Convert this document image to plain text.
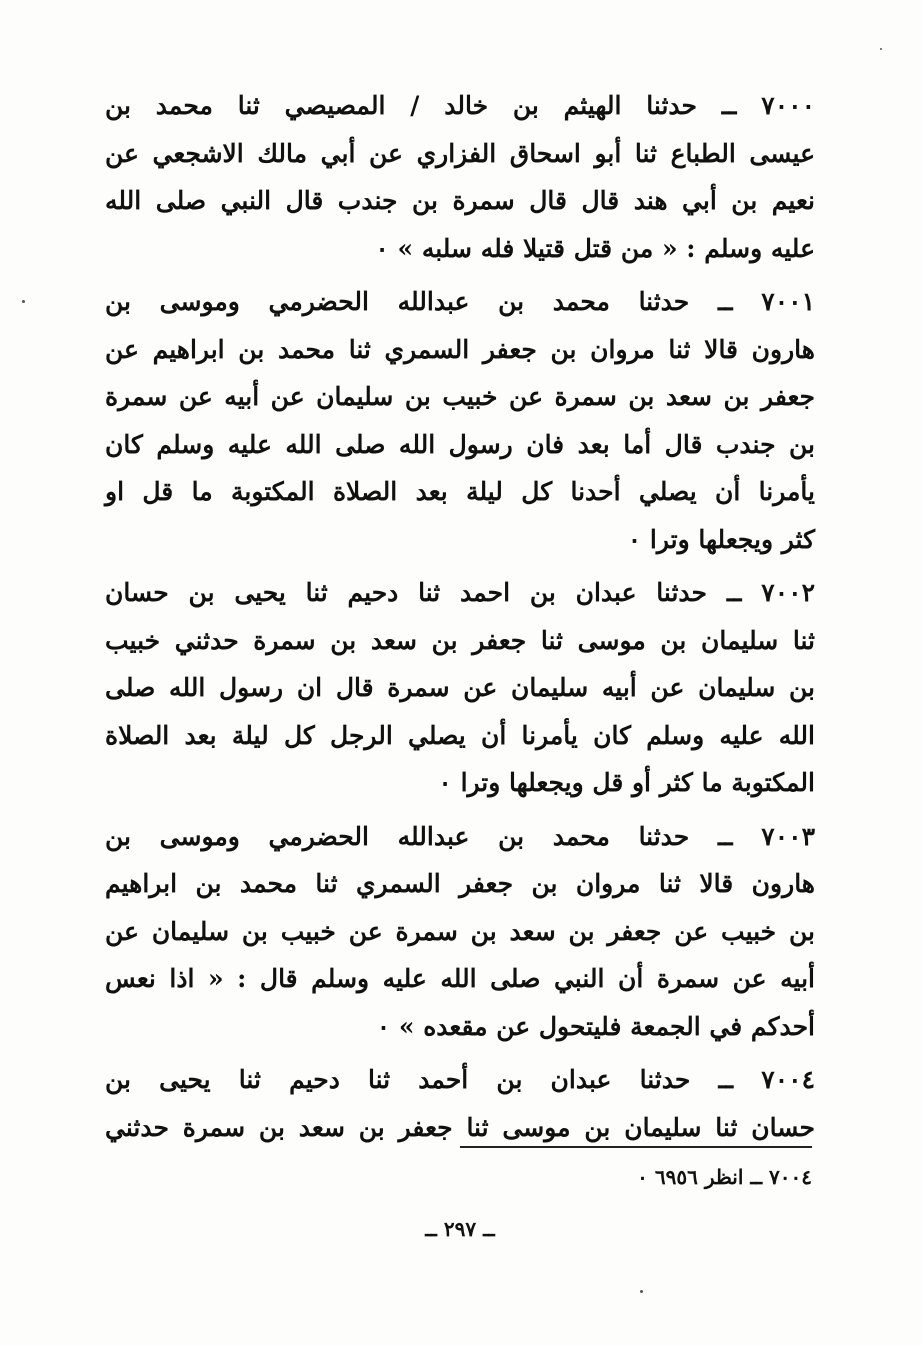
٧٠٠٠ ــ حدثنا الهيثم بن خالد / المصيصي ثنا محمد بن
عيسى الطباع ثنا أبو اسحاق الفزاري عن أبي مالك الاشجعي عن
نعيم بن أبي هند قال قال سمرة بن جندب قال النبي صلى الله
عليه وسلم : « من قتل قتيلا فله سلبه » ٠

٧٠٠١ ــ حدثنا محمد بن عبدالله الحضرمي وموسى بن
هارون قالا ثنا مروان بن جعفر السمري ثنا محمد بن ابراهيم عن
جعفر بن سعد بن سمرة عن خبيب بن سليمان عن أبيه عن سمرة
بن جندب قال أما بعد فان رسول الله صلى الله عليه وسلم كان
يأمرنا أن يصلي أحدنا كل ليلة بعد الصلاة المكتوبة ما قل او
كثر ويجعلها وترا ٠

٧٠٠٢ ــ حدثنا عبدان بن احمد ثنا دحيم ثنا يحيى بن حسان
ثنا سليمان بن موسى ثنا جعفر بن سعد بن سمرة حدثني خبيب
بن سليمان عن أبيه سليمان عن سمرة قال ان رسول الله صلى
الله عليه وسلم كان يأمرنا أن يصلي الرجل كل ليلة بعد الصلاة
المكتوبة ما كثر أو قل ويجعلها وترا ٠

٧٠٠٣ ــ حدثنا محمد بن عبدالله الحضرمي وموسى بن
هارون قالا ثنا مروان بن جعفر السمري ثنا محمد بن ابراهيم
بن خبيب عن جعفر بن سعد بن سمرة عن خبيب بن سليمان عن
أبيه عن سمرة أن النبي صلى الله عليه وسلم قال : « اذا نعس
أحدكم في الجمعة فليتحول عن مقعده » ٠

٧٠٠٤ ــ حدثنا عبدان بن أحمد ثنا دحيم ثنا يحيى بن
حسان ثنا سليمان بن موسى ثنا جعفر بن سعد بن سمرة حدثني

٧٠٠٤ ــ انظر ٦٩٥٦ ٠
ــ ٢٩٧ ــ
